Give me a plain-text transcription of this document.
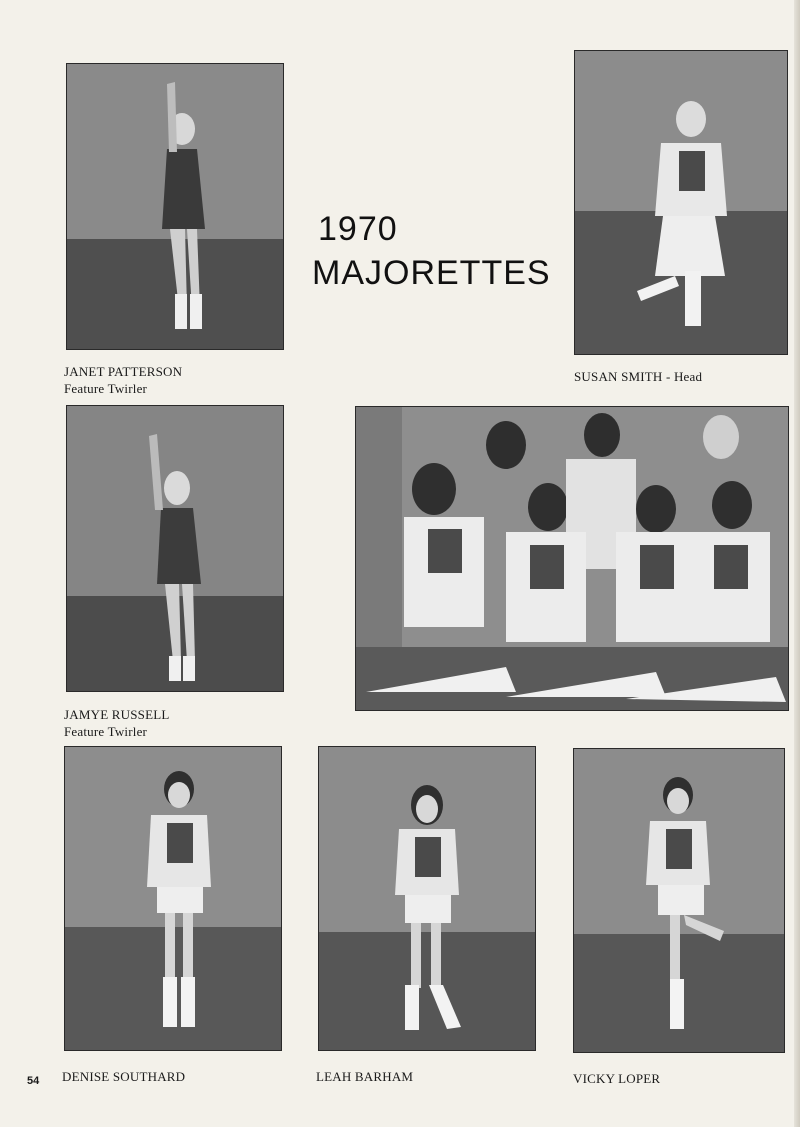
1970
MAJORETTES
JANET PATTERSON
Feature Twirler
SUSAN SMITH - Head
JAMYE RUSSELL
Feature Twirler
DENISE SOUTHARD	LEAH BARHAM	VICKY LOPER
54
